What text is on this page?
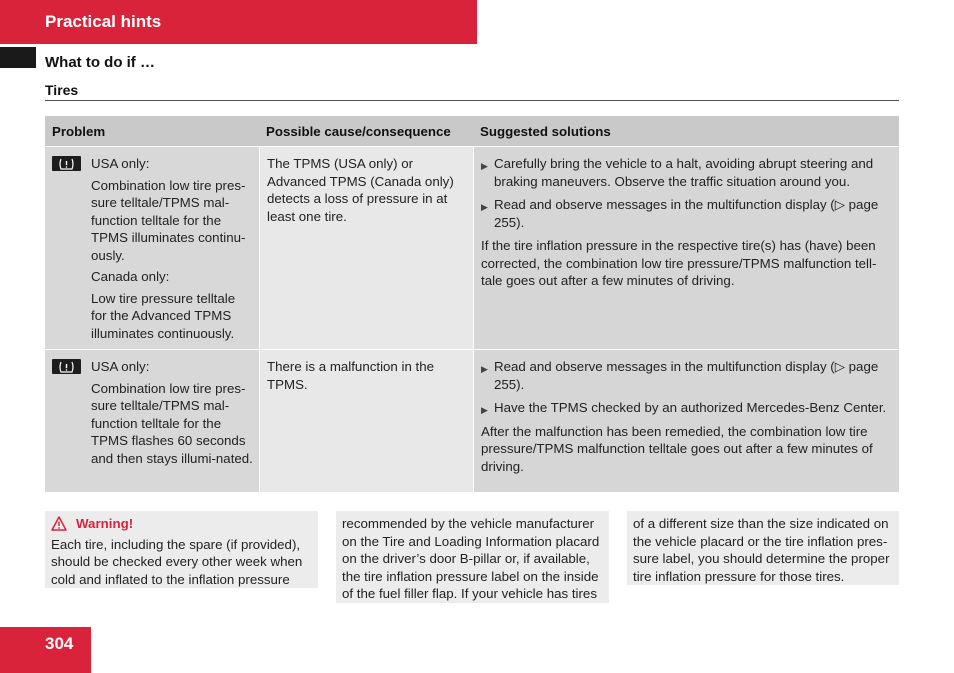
Practical hints
What to do if …
Tires
Problem	Possible cause/consequence	Suggested solutions

USA only:

Combination low tire pres-sure telltale/TPMS mal-function telltale for the TPMS illuminates continu-ously.

Canada only:

Low tire pressure telltale for the Advanced TPMS illuminates continuously.

The TPMS (USA only) or Advanced TPMS (Canada only) detects a loss of pressure in at least one tire.

▶ Carefully bring the vehicle to a halt, avoiding abrupt steering and braking maneuvers. Observe the traffic situation around you.

▶ Read and observe messages in the multifunction display (▷ page 255).

If the tire inflation pressure in the respective tire(s) has (have) been corrected, the combination low tire pressure/TPMS malfunction tell-tale goes out after a few minutes of driving.

USA only:

Combination low tire pres-sure telltale/TPMS mal-function telltale for the TPMS flashes 60 seconds and then stays illumi-nated.

There is a malfunction in the TPMS.

▶ Read and observe messages in the multifunction display (▷ page 255).

▶ Have the TPMS checked by an authorized Mercedes-Benz Center.

After the malfunction has been remedied, the combination low tire pressure/TPMS malfunction telltale goes out after a few minutes of driving.

Warning!

Each tire, including the spare (if provided), should be checked every other week when cold and inflated to the inflation pressure

recommended by the vehicle manufacturer on the Tire and Loading Information placard on the driver’s door B-pillar or, if available, the tire inflation pressure label on the inside of the fuel filler flap. If your vehicle has tires

of a different size than the size indicated on the vehicle placard or the tire inflation pres-sure label, you should determine the proper tire inflation pressure for those tires.

304
